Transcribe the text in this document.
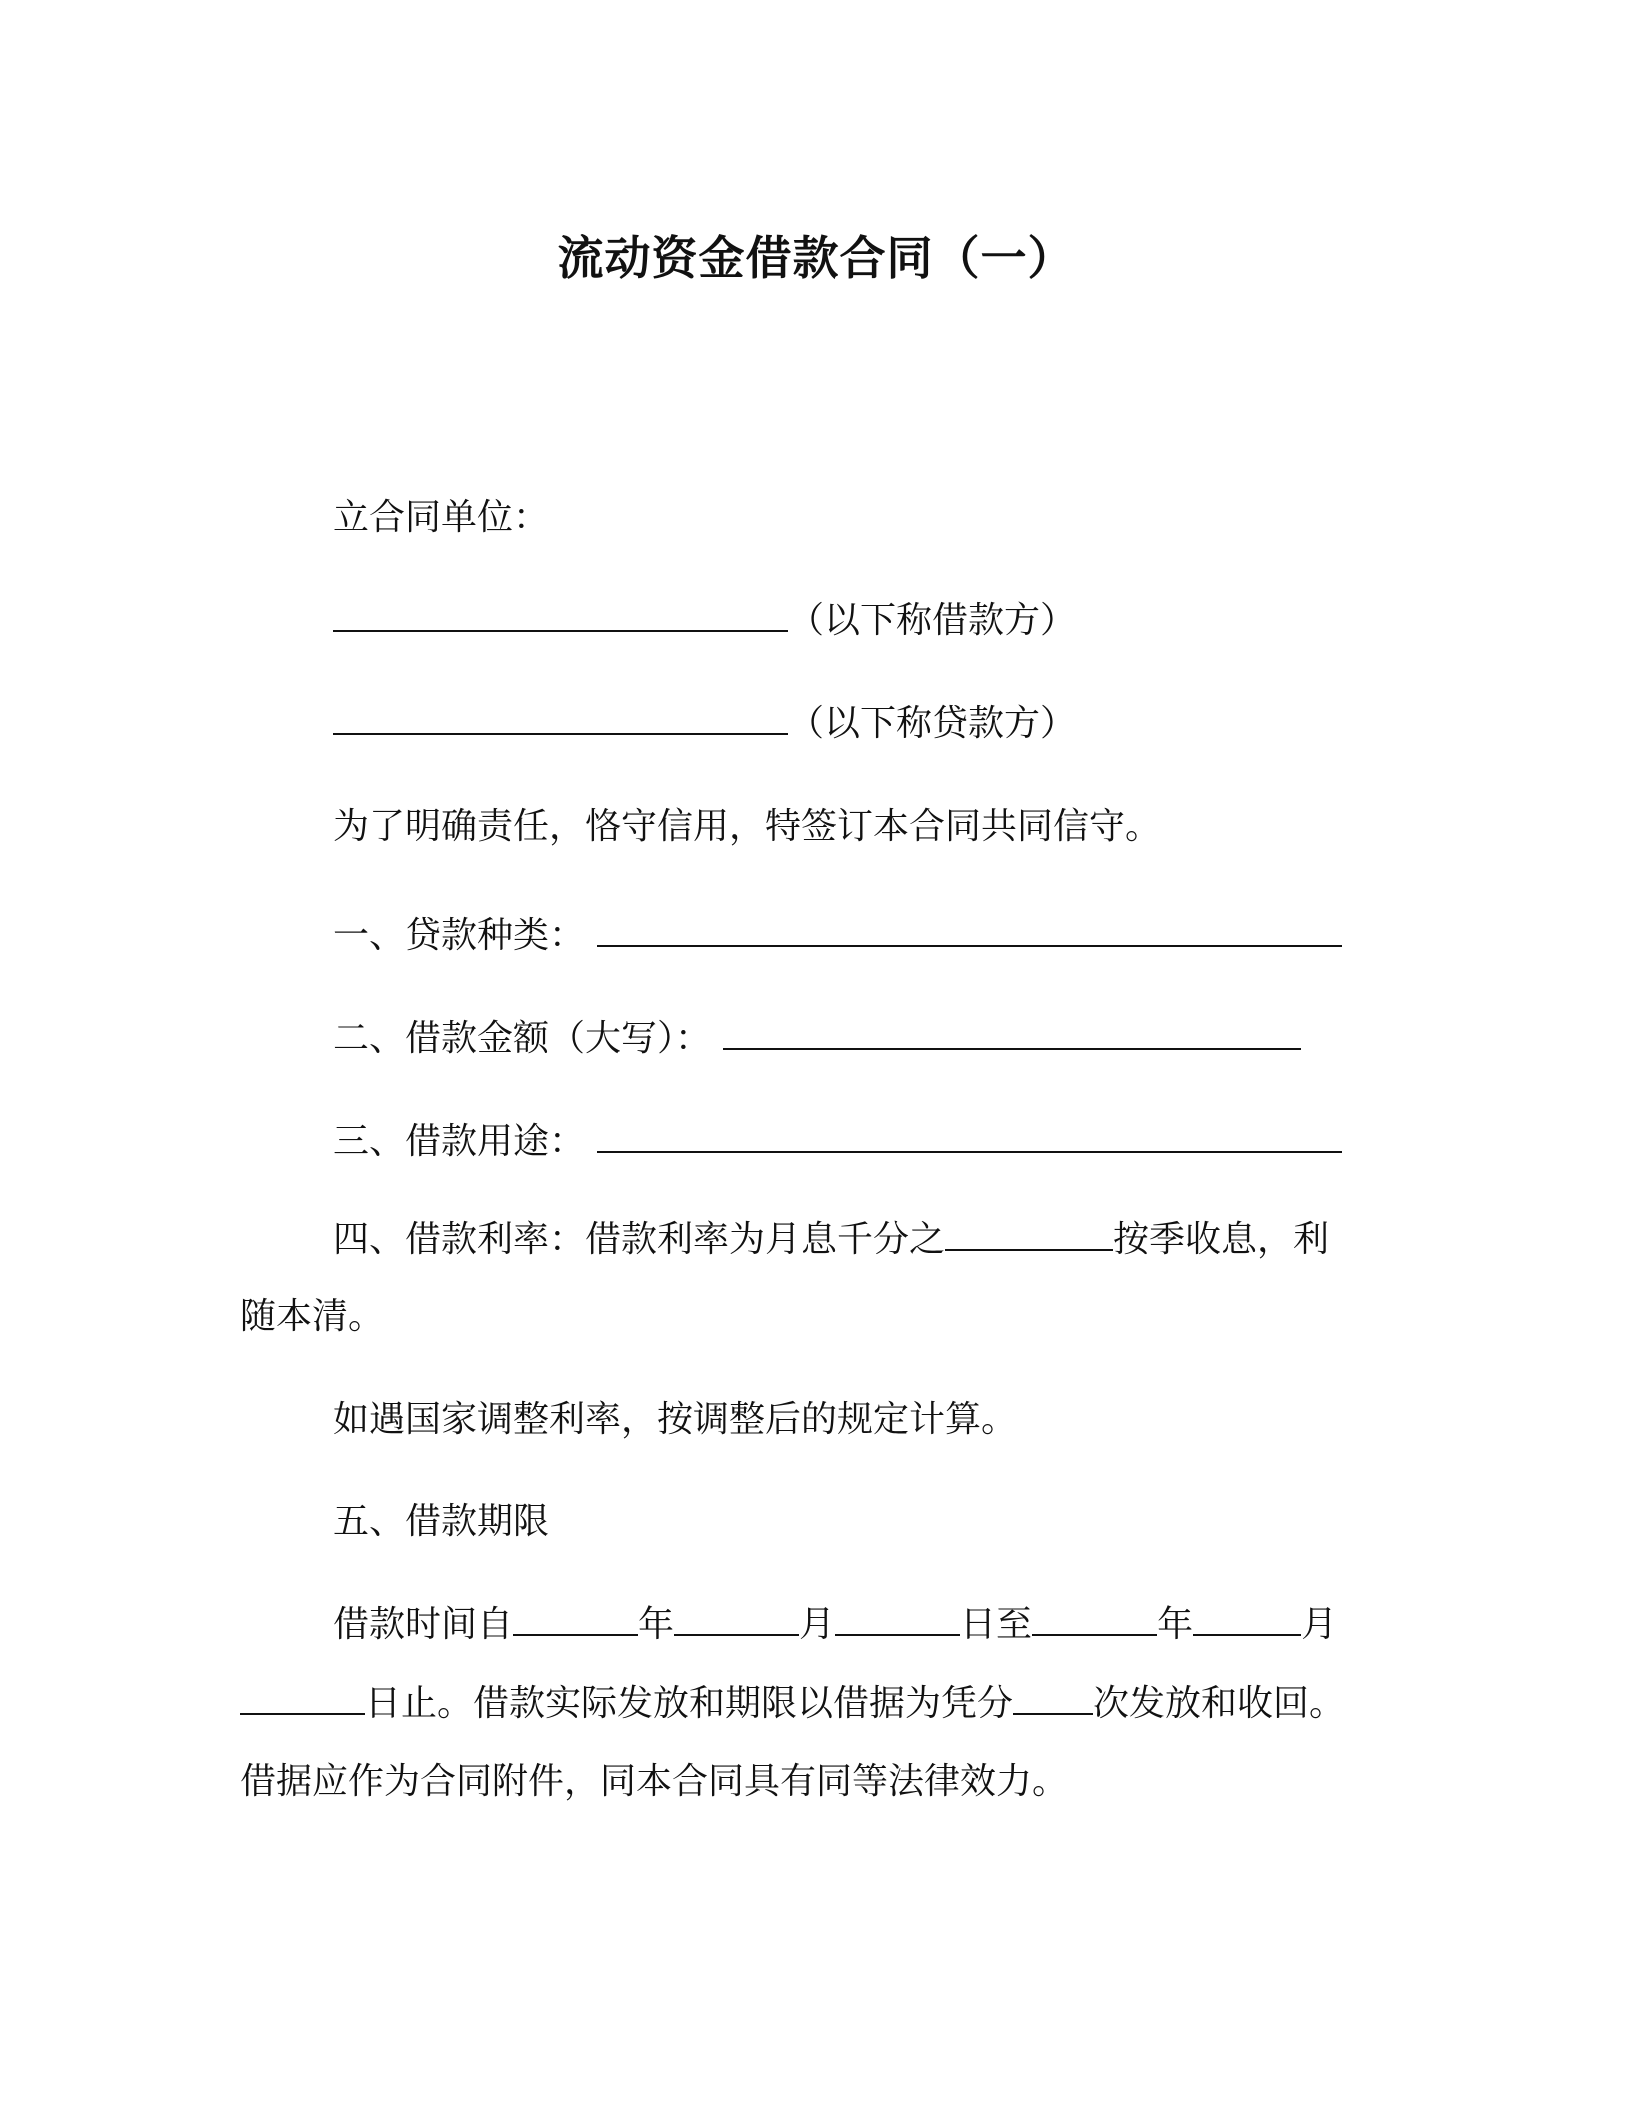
流动资金借款合同（一）
立合同单位：
（以下称借款方）
（以下称贷款方）
为了明确责任，恪守信用，特签订本合同共同信守。
一、贷款种类：
二、借款金额（大写）：
三、借款用途：
四、借款利率：借款利率为月息千分之	按季收息，利
随本清。
如遇国家调整利率，按调整后的规定计算。
五、借款期限
借款时间自	年	月	日至	年	月
日止。借款实际发放和期限以借据为凭分 次发放和收回。
借据应作为合同附件，同本合同具有同等法律效力。
